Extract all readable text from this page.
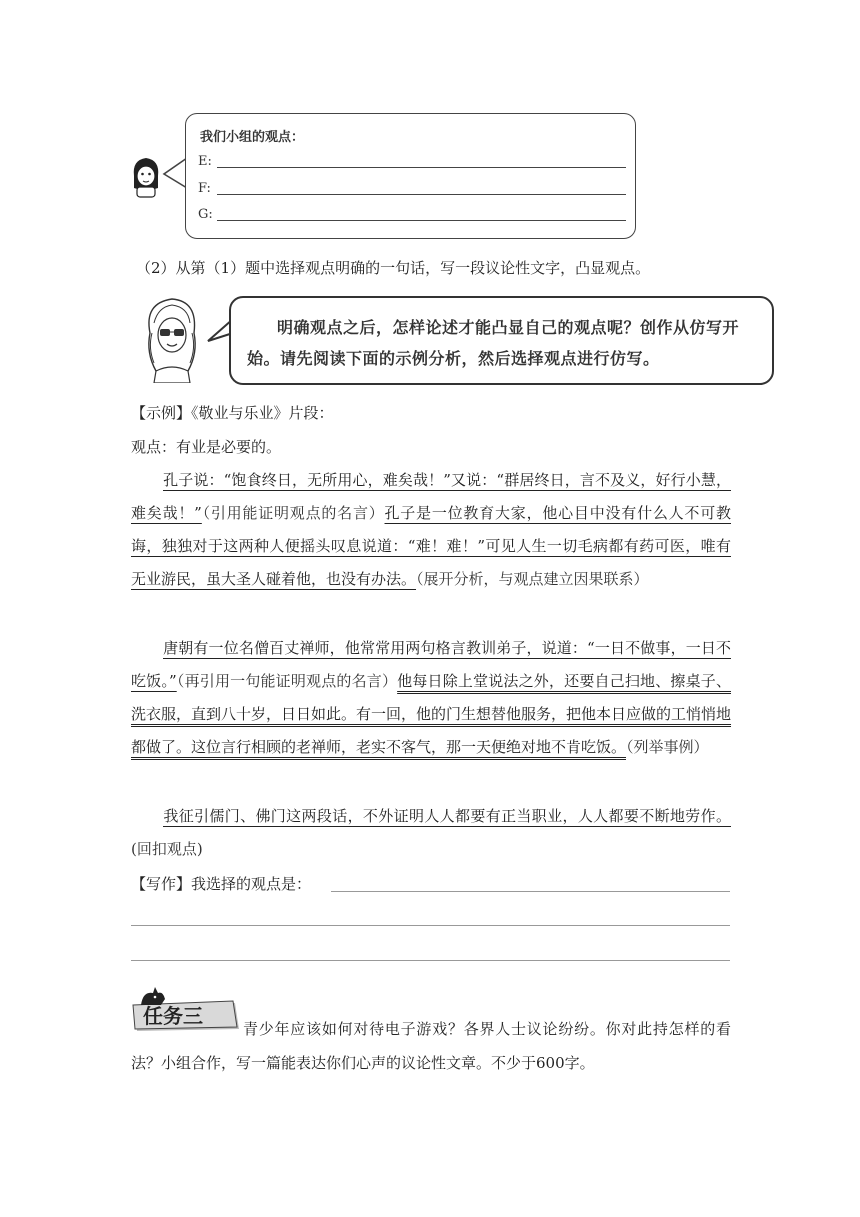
我们小组的观点：
E:
F:
G:
（2）从第（1）题中选择观点明确的一句话，写一段议论性文字，凸显观点。
明确观点之后，怎样论述才能凸显自己的观点呢？创作从仿写开始。请先阅读下面的示例分析，然后选择观点进行仿写。
【示例】《敬业与乐业》片段：
观点：有业是必要的。
孔子说：“饱食终日，无所用心，难矣哉！”又说：“群居终日，言不及义，好行小慧，难矣哉！”（引用能证明观点的名言）孔子是一位教育大家，他心目中没有什么人不可教诲，独独对于这两种人便摇头叹息说道：“难！难！”可见人生一切毛病都有药可医，唯有无业游民，虽大圣人碰着他，也没有办法。（展开分析，与观点建立因果联系）
唐朝有一位名僧百丈禅师，他常常用两句格言教训弟子，说道：“一日不做事，一日不吃饭。”（再引用一句能证明观点的名言）他每日除上堂说法之外，还要自己扫地、擦桌子、洗衣服，直到八十岁，日日如此。有一回，他的门生想替他服务，把他本日应做的工悄悄地都做了。这位言行相顾的老禅师，老实不客气，那一天便绝对地不肯吃饭。（列举事例）
我征引儒门、佛门这两段话，不外证明人人都要有正当职业，人人都要不断地劳作。(回扣观点)
【写作】我选择的观点是：
任务三
青少年应该如何对待电子游戏？各界人士议论纷纷。你对此持怎样的看法？小组合作，写一篇能表达你们心声的议论性文章。不少于600字。
